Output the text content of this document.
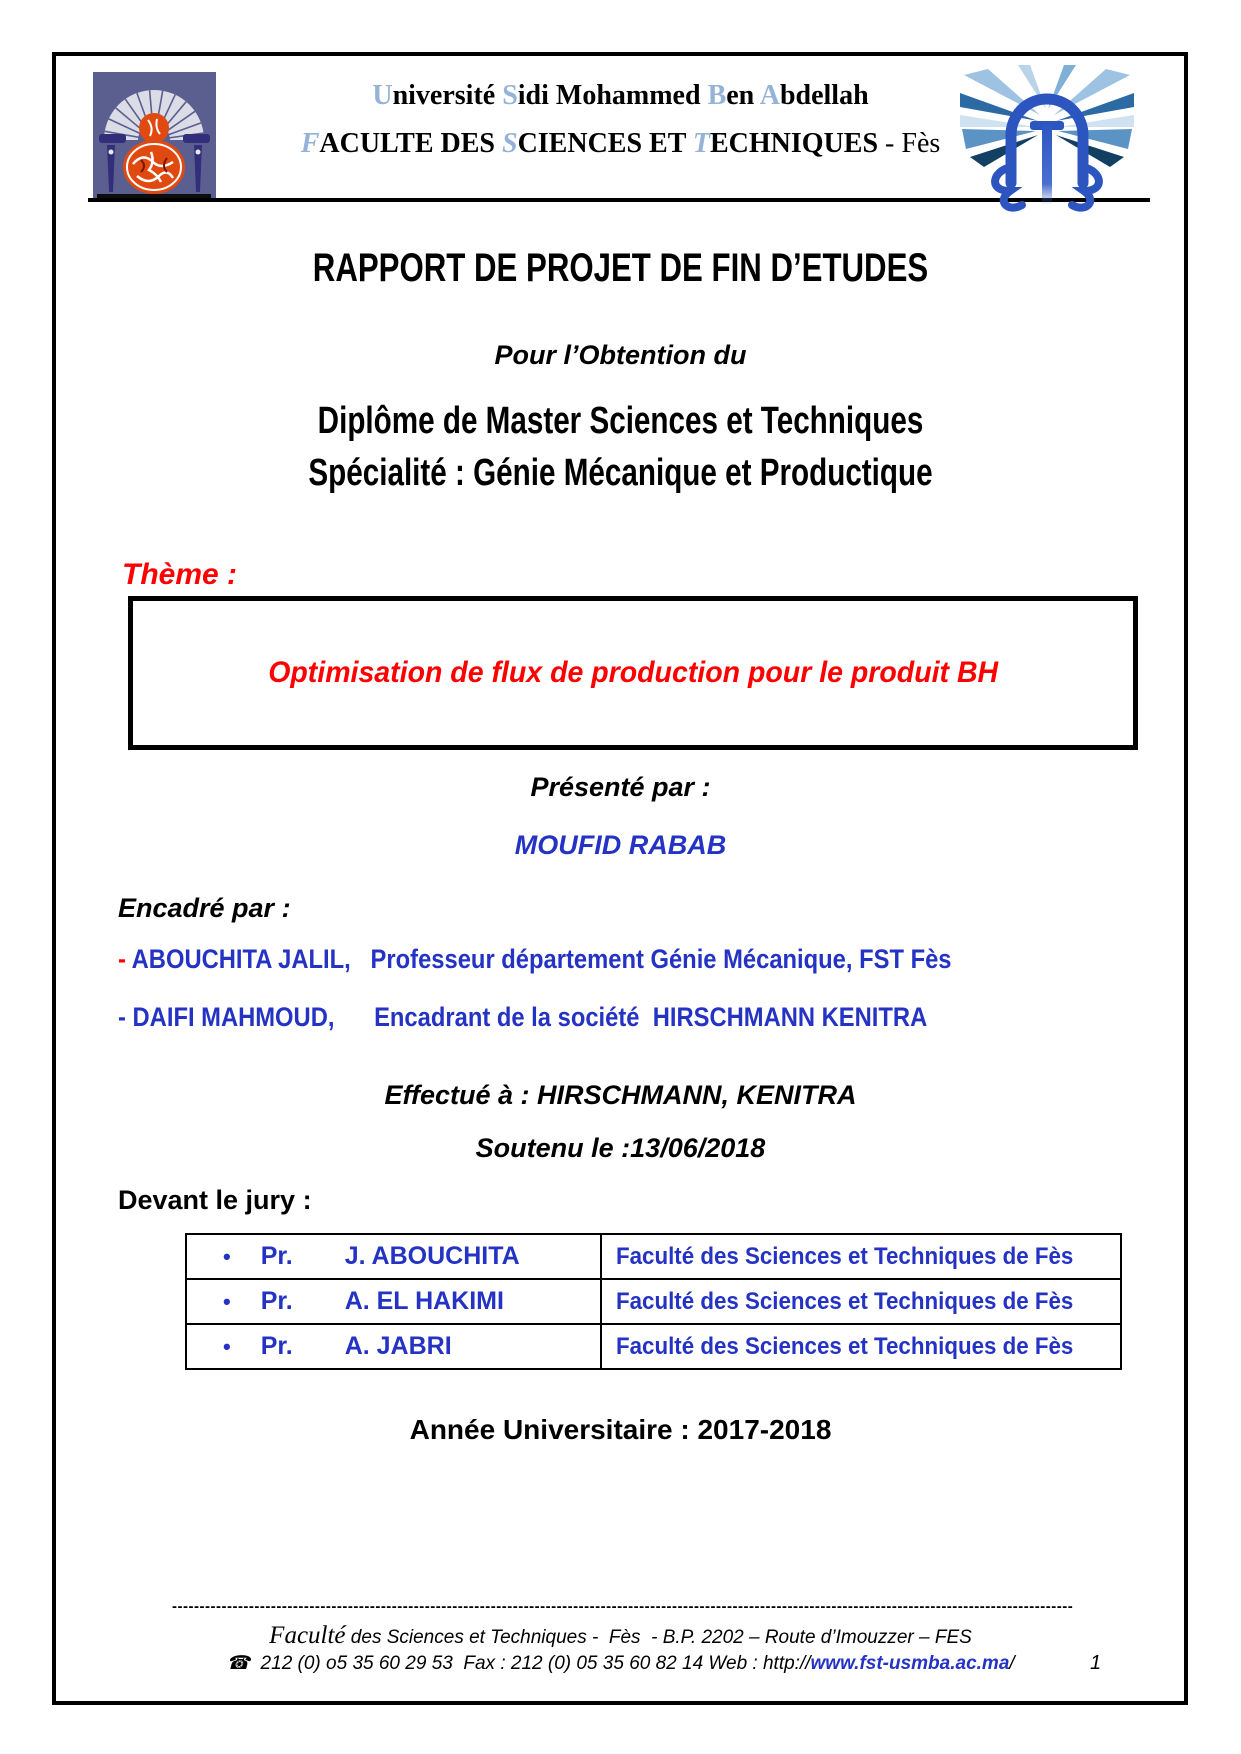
Université Sidi Mohammed Ben Abdellah
FACULTE DES SCIENCES ET TECHNIQUES - Fès
RAPPORT DE PROJET DE FIN D’ETUDES
Pour l’Obtention du
Diplôme de Master Sciences et Techniques
Spécialité : Génie Mécanique et Productique
Thème :
Optimisation de flux de production pour le produit BH
Présenté par :
MOUFID RABAB
Encadré par :
- ABOUCHITA JALIL,   Professeur département Génie Mécanique, FST Fès
- DAIFI MAHMOUD,      Encadrant de la société  HIRSCHMANN KENITRA
Effectué à : HIRSCHMANN, KENITRA
Soutenu le :13/06/2018
Devant le jury :
• Pr. J. ABOUCHITA	Faculté des Sciences et Techniques de Fès
• Pr. A. EL HAKIMI	Faculté des Sciences et Techniques de Fès
• Pr. A. JABRI	Faculté des Sciences et Techniques de Fès
Année Universitaire : 2017-2018
--------------------------------------------------------------------------------------------------------------------------------------------------------------------
Faculté des Sciences et Techniques -  Fès  - B.P. 2202 – Route d’Imouzzer – FES
☎  212 (0) o5 35 60 29 53  Fax : 212 (0) 05 35 60 82 14 Web : http://www.fst-usmba.ac.ma/	1
